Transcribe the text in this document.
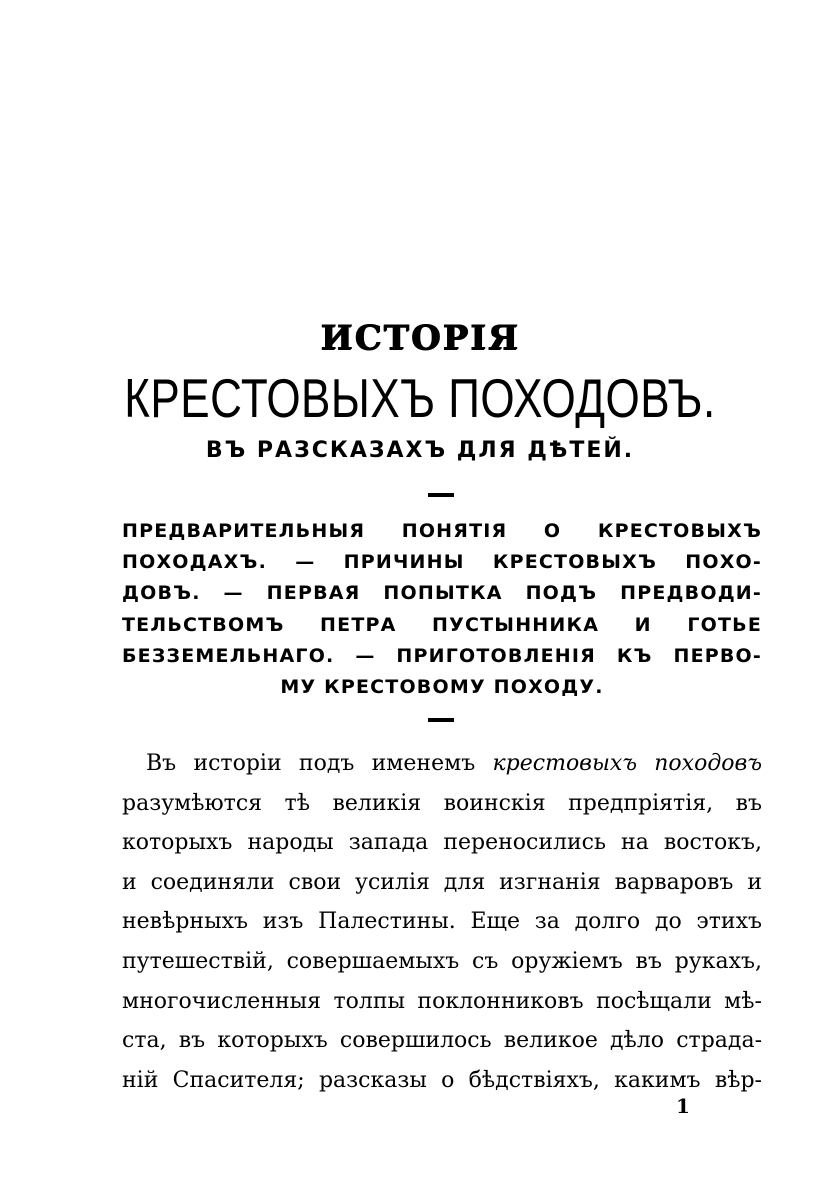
ИСТОРІЯ
КРЕСТОВЫХЪ ПОХОДОВЪ.
ВЪ РАЗСКАЗАХЪ ДЛЯ ДѢТЕЙ.
ПРЕДВАРИТЕЛЬНЫЯ ПОНЯТІЯ О КРЕСТОВЫХЪ
ПОХОДАХЪ. — ПРИЧИНЫ КРЕСТОВЫХЪ ПОХО-
ДОВЪ. — ПЕРВАЯ ПОПЫТКА ПОДЪ ПРЕДВОДИ-
ТЕЛЬСТВОМЪ ПЕТРА ПУСТЫННИКА И ГОТЬЕ
БЕЗЗЕМЕЛЬНАГО. — ПРИГОТОВЛЕНІЯ КЪ ПЕРВО-
МУ КРЕСТОВОМУ ПОХОДУ.
Въ исторіи подъ именемъ крестовыхъ походовъ
разумѣются тѣ великія воинскія предпріятія, въ
которыхъ народы запада переносились на востокъ,
и соединяли свои усилія для изгнанія варваровъ и
невѣрныхъ изъ Палестины. Еще за долго до этихъ
путешествій, совершаемыхъ съ оружіемъ въ рукахъ,
многочисленныя толпы поклонниковъ посѣщали мѣ-
ста, въ которыхъ совершилось великое дѣло страда-
ній Спасителя; разсказы о бѣдствіяхъ, какимъ вѣр-
1
